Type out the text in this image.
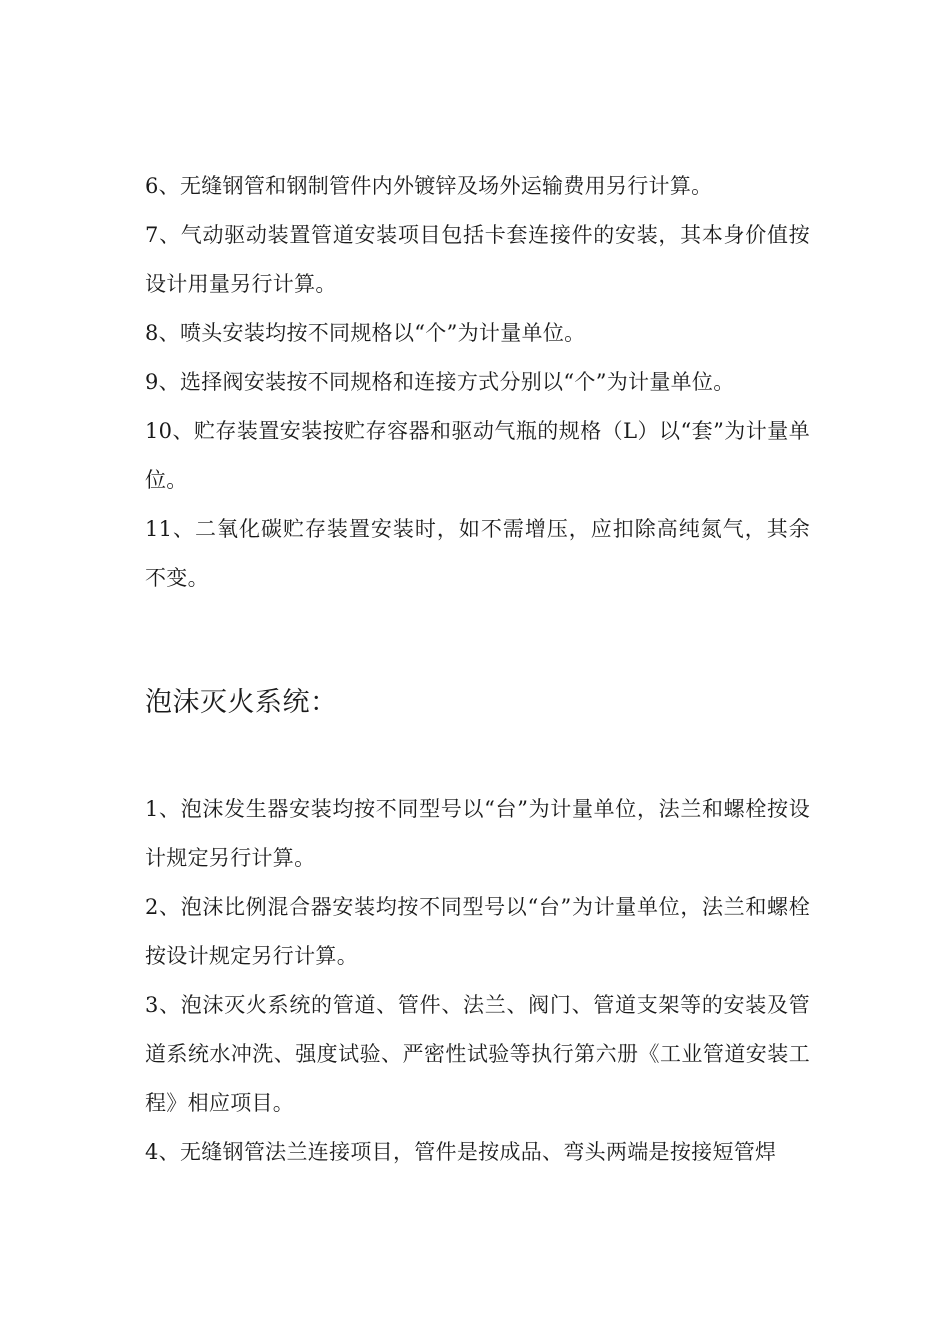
6、无缝钢管和钢制管件内外镀锌及场外运输费用另行计算。

7、气动驱动装置管道安装项目包括卡套连接件的安装，其本身价值按设计用量另行计算。

8、喷头安装均按不同规格以“个”为计量单位。

9、选择阀安装按不同规格和连接方式分别以“个”为计量单位。

10、贮存装置安装按贮存容器和驱动气瓶的规格（L）以“套”为计量单位。

11、二氧化碳贮存装置安装时，如不需增压，应扣除高纯氮气，其余不变。

泡沫灭火系统：

1、泡沫发生器安装均按不同型号以“台”为计量单位，法兰和螺栓按设计规定另行计算。

2、泡沫比例混合器安装均按不同型号以“台”为计量单位，法兰和螺栓按设计规定另行计算。

3、泡沫灭火系统的管道、管件、法兰、阀门、管道支架等的安装及管道系统水冲洗、强度试验、严密性试验等执行第六册《工业管道安装工程》相应项目。

4、无缝钢管法兰连接项目，管件是按成品、弯头两端是按接短管焊
